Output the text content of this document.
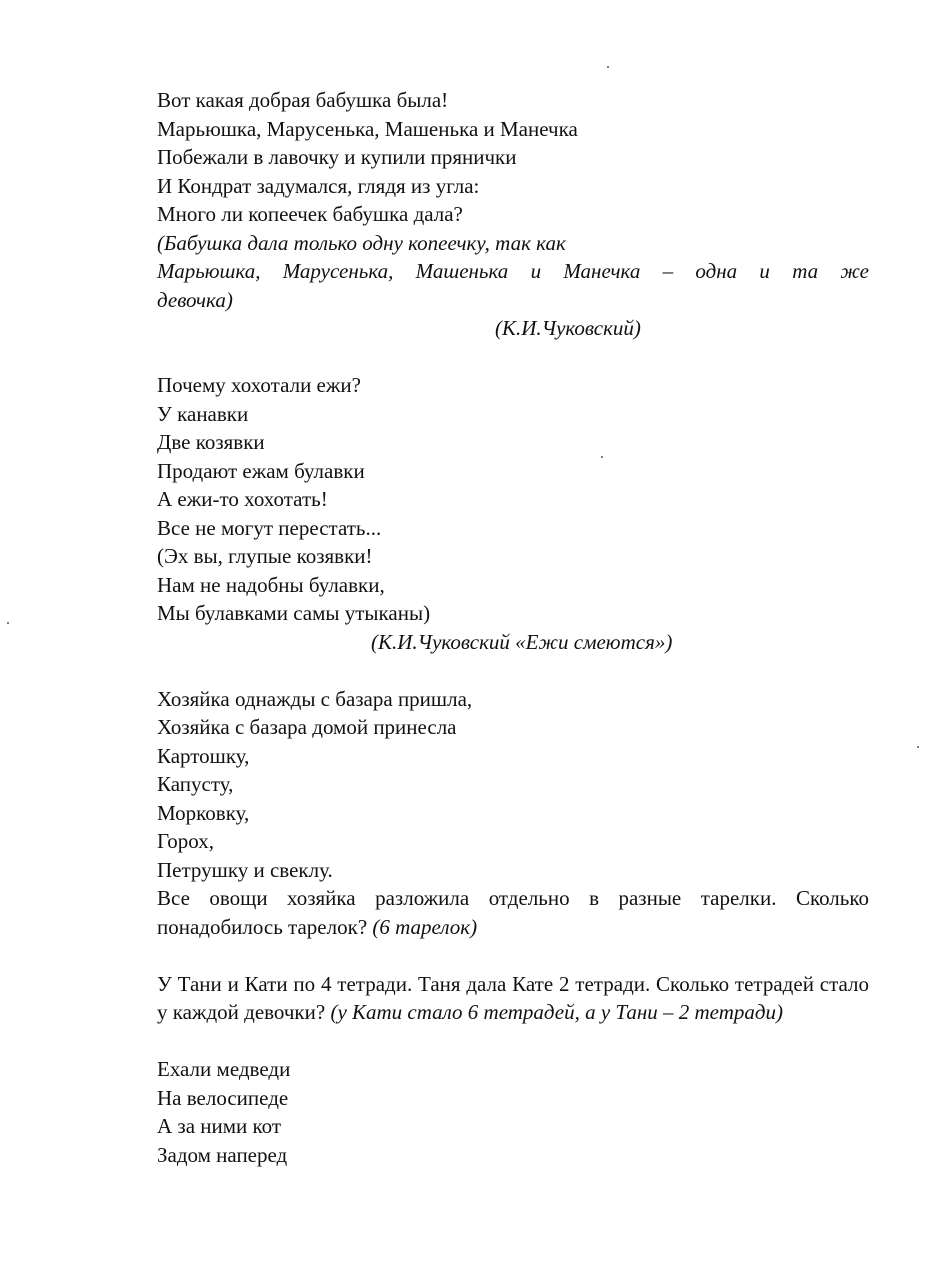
Вот какая добрая бабушка была!
Марьюшка, Марусенька, Машенька и Манечка
Побежали в лавочку и купили прянички
И Кондрат задумался, глядя из угла:
Много ли копеечек бабушка дала?
(Бабушка дала только одну копеечку, так как
Марьюшка, Марусенька, Машенька и Манечка – одна и та же
девочка)
(К.И.Чуковский)
Почему хохотали ежи?
У канавки
Две козявки
Продают ежам булавки
А ежи-то хохотать!
Все не могут перестать...
(Эх вы, глупые козявки!
Нам не надобны булавки,
Мы булавками самы утыканы)
(К.И.Чуковский «Ежи смеются»)
Хозяйка однажды с базара пришла,
Хозяйка с базара домой принесла
Картошку,
Капусту,
Морковку,
Горох,
Петрушку и свеклу.
Все овощи хозяйка разложила отдельно в разные тарелки. Сколько понадобилось тарелок? (6 тарелок)
У Тани и Кати по 4 тетради. Таня дала Кате 2 тетради. Сколько тетрадей стало у каждой девочки? (у Кати стало 6 тетрадей, а у Тани – 2 тетради)
Ехали медведи
На велосипеде
А за ними кот
Задом наперед
